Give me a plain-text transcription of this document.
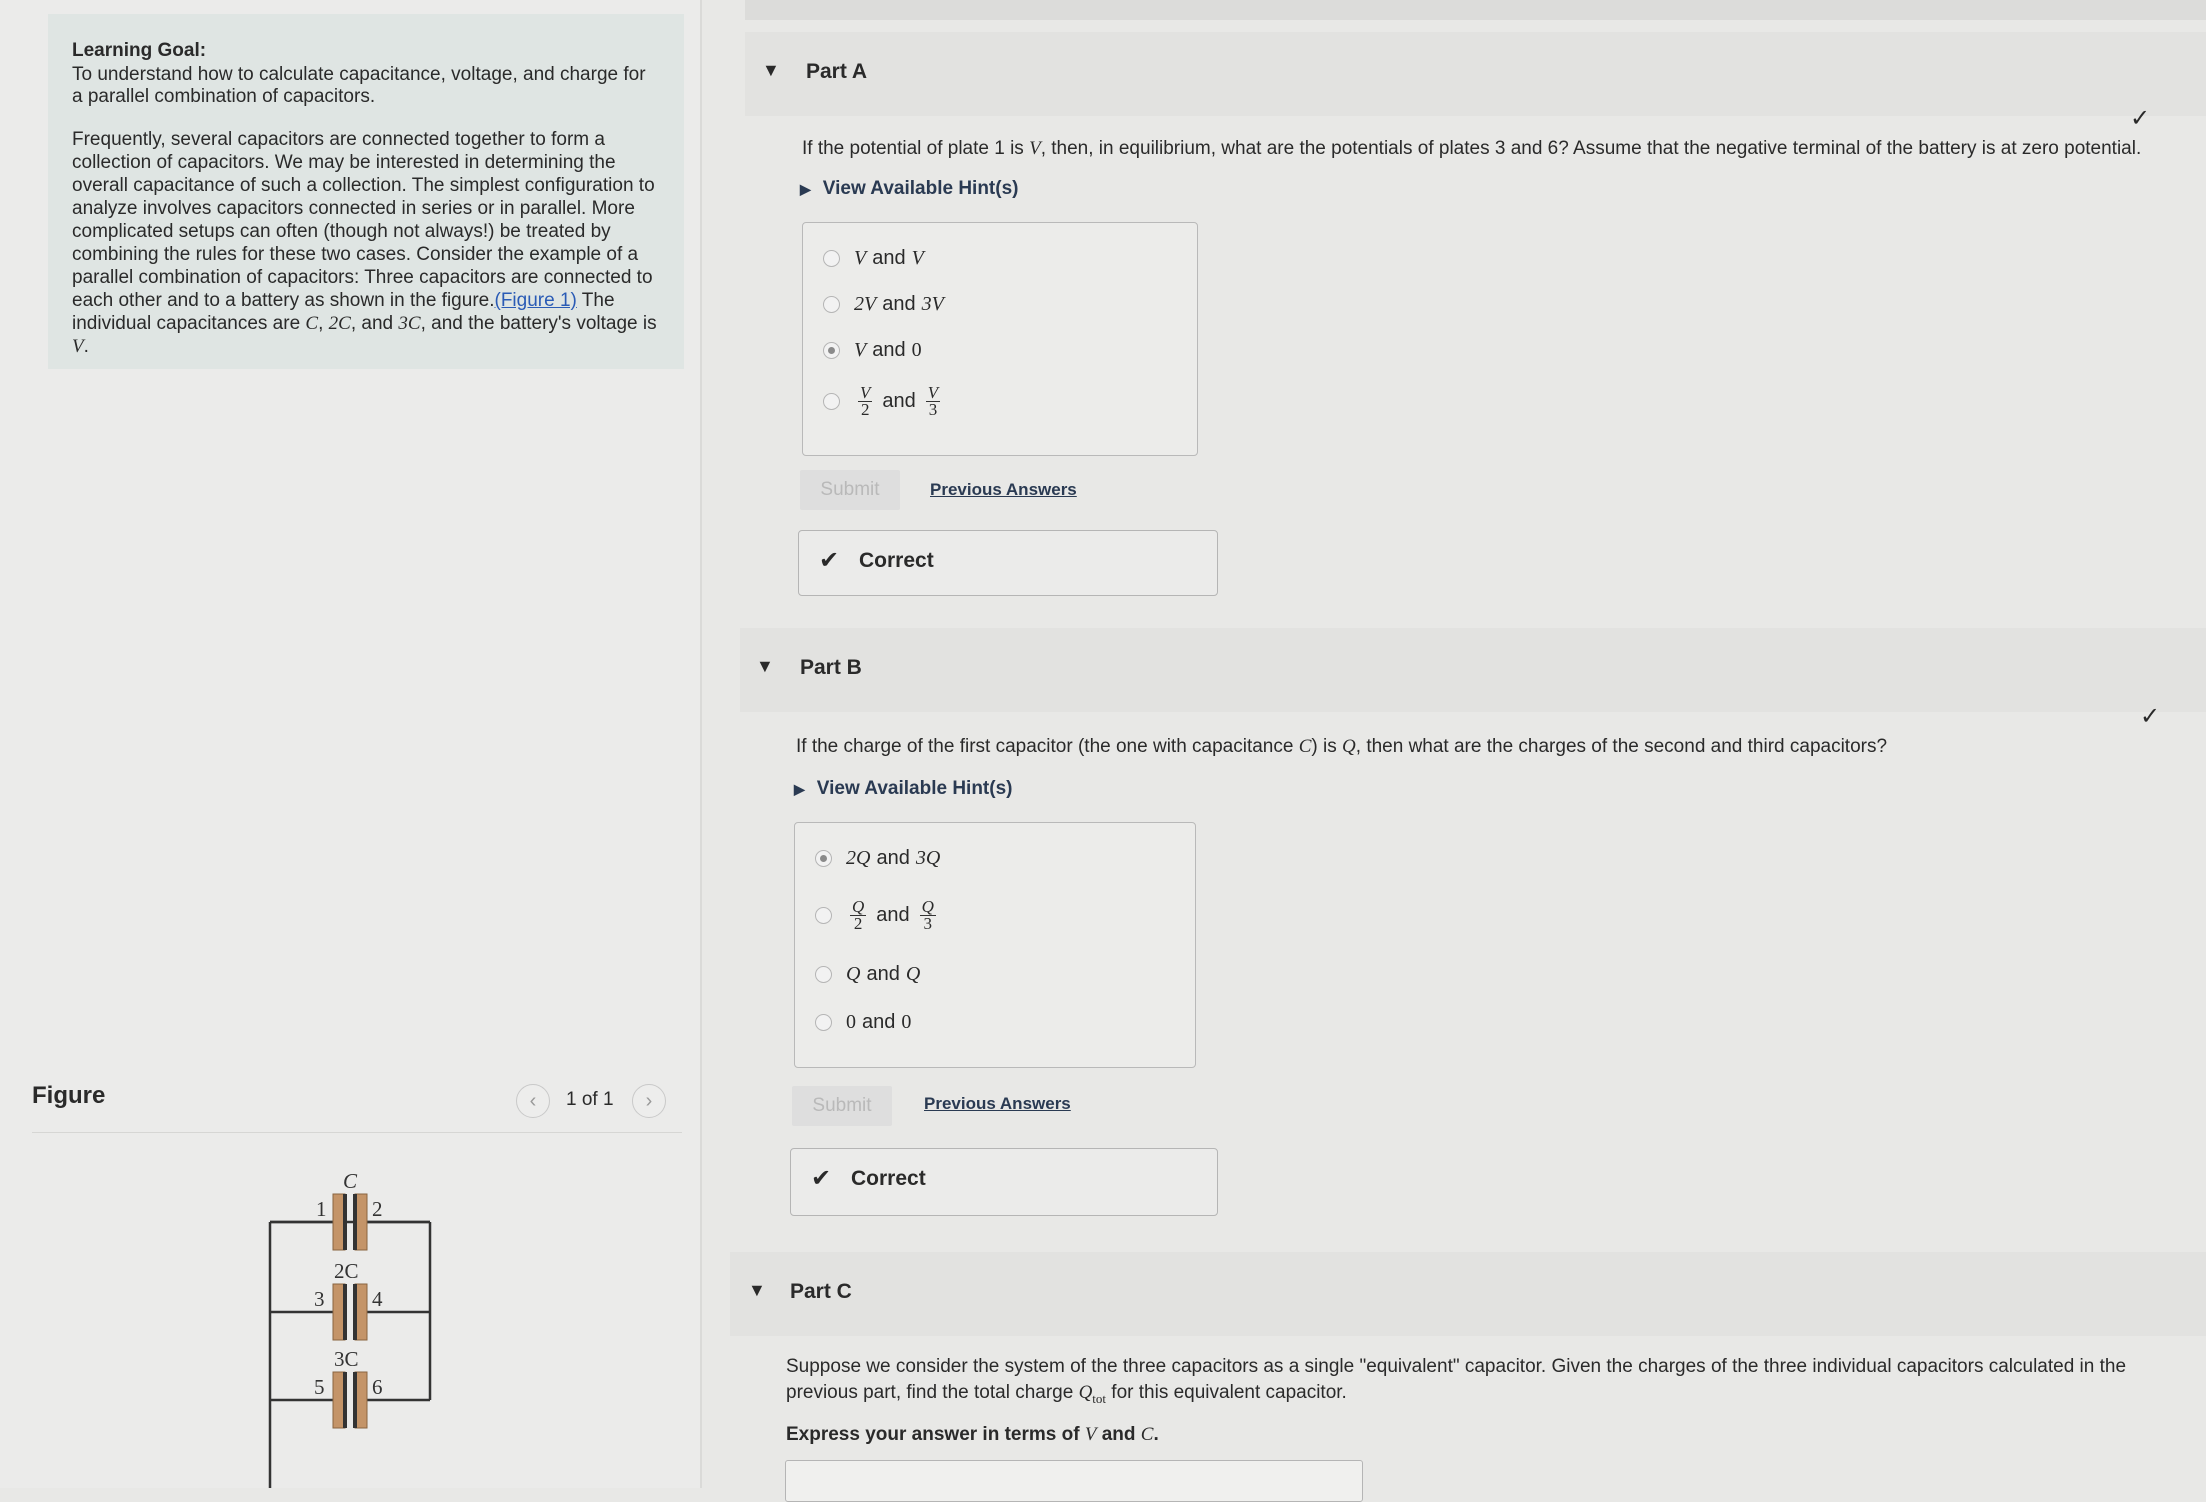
Learning Goal:
To understand how to calculate capacitance, voltage, and charge for a parallel combination of capacitors.
Frequently, several capacitors are connected together to form a collection of capacitors. We may be interested in determining the overall capacitance of such a collection. The simplest configuration to analyze involves capacitors connected in series or in parallel. More complicated setups can often (though not always!) be treated by combining the rules for these two cases. Consider the example of a parallel combination of capacitors: Three capacitors are connected to each other and to a battery as shown in the figure.(Figure 1) The individual capacitances are C, 2C, and 3C, and the battery's voltage is V.
Figure	‹	1 of 1	›
C
2C
3C
1 2
3 4
5 6
▼ Part A
✓
If the potential of plate 1 is V, then, in equilibrium, what are the potentials of plates 3 and 6? Assume that the negative terminal of the battery is at zero potential.
▶ View Available Hint(s)
V and V
2V and 3V
V and 0
$\frac{V}{2}$ and $\frac{V}{3}$
Submit	Previous Answers
✔ Correct
▼ Part B
✓
If the charge of the first capacitor (the one with capacitance C) is Q, then what are the charges of the second and third capacitors?
▶ View Available Hint(s)
2Q and 3Q
$\frac{Q}{2}$ and $\frac{Q}{3}$
Q and Q
0 and 0
Submit	Previous Answers
✔ Correct
▼ Part C
Suppose we consider the system of the three capacitors as a single "equivalent" capacitor. Given the charges of the three individual capacitors calculated in the previous part, find the total charge $Q_{tot}$ for this equivalent capacitor.
Express your answer in terms of V and C.
